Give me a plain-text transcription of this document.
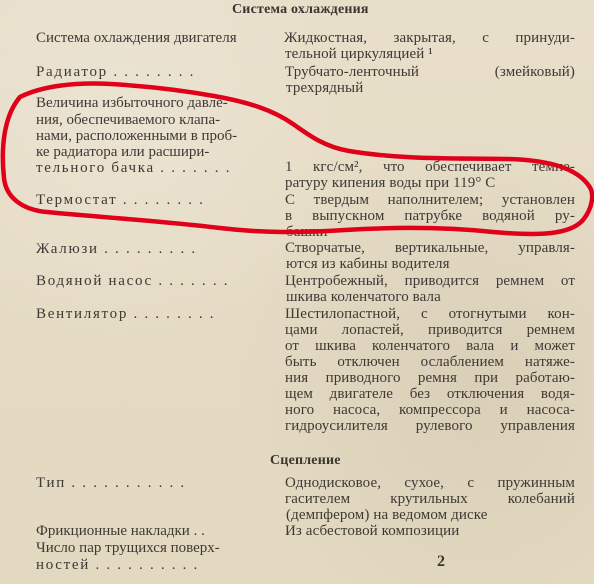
Система охлаждения
Система охлаждения двигателя	Жидкостная, закрытая, с принуди-
тельной циркуляцией ¹
Радиатор . . . . . . . .	Трубчато-ленточный (змейковый)
трехрядный
Величина избыточного давле-
ния, обеспечиваемого клапа-
нами, расположенными в проб-
ке радиатора или расшири-
тельного бачка . . . . . . .	1 кгс/см², что обеспечивает темпе-
ратуру кипения воды при 119° С
Термостат . . . . . . . .	С твердым наполнителем; установлен
в выпускном патрубке водяной ру-
башки
Жалюзи . . . . . . . . .	Створчатые, вертикальные, управля-
ются из кабины водителя
Водяной насос . . . . . . .	Центробежный, приводится ремнем от
шкива коленчатого вала
Вентилятор . . . . . . . .	Шестилопастной, с отогнутыми кон-
цами лопастей, приводится ремнем
от шкива коленчатого вала и может
быть отключен ослаблением натяже-
ния приводного ремня при работаю-
щем двигателе без отключения водя-
ного насоса, компрессора и насоса-
гидроусилителя рулевого управления
Сцепление
Тип . . . . . . . . . . .	Однодисковое, сухое, с пружинным
гасителем крутильных колебаний
(демпфером) на ведомом диске
Фрикционные накладки . .	Из асбестовой композиции
Число пар трущихся поверх-
ностей . . . . . . . . . .	2
